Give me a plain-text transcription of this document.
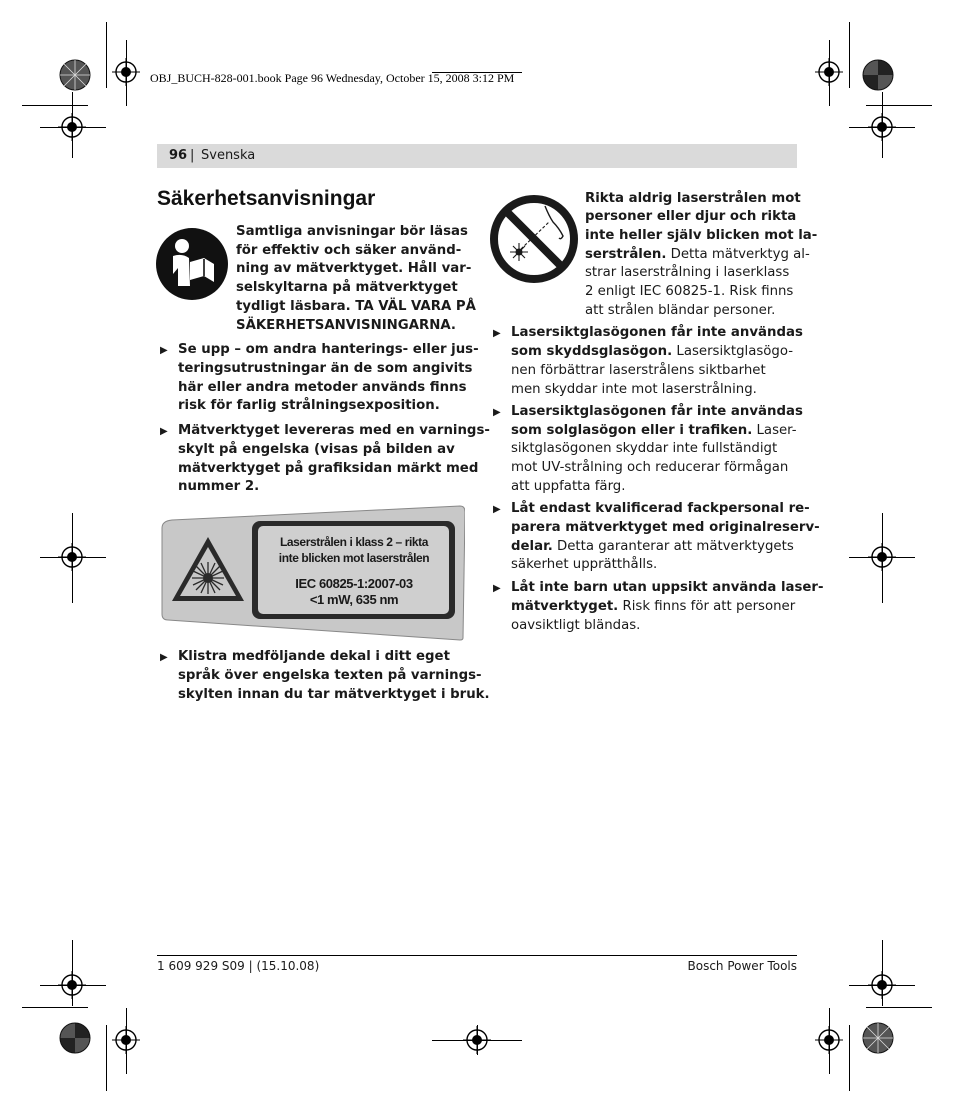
OBJ_BUCH-828-001.book Page 96 Wednesday, October 15, 2008 3:12 PM
96 | Svenska
Säkerhetsanvisningar
Samtliga anvisningar bör läsas
för effektiv och säker använd-
ning av mätverktyget. Håll var-
selskyltarna på mätverktyget
tydligt läsbara. TA VÄL VARA PÅ
SÄKERHETSANVISNINGARNA.
▶ Se upp – om andra hanterings- eller jus-
teringsutrustningar än de som angivits
här eller andra metoder används finns
risk för farlig strålningsexposition.
▶ Mätverktyget levereras med en varnings-
skylt på engelska (visas på bilden av
mätverktyget på grafiksidan märkt med
nummer 2.
Laserstrålen i klass 2 – rikta
inte blicken mot laserstrålen
IEC 60825-1:2007-03
<1 mW, 635 nm
▶ Klistra medföljande dekal i ditt eget
språk över engelska texten på varnings-
skylten innan du tar mätverktyget i bruk.
Rikta aldrig laserstrålen mot
personer eller djur och rikta
inte heller själv blicken mot la-
serstrålen. Detta mätverktyg al-
strar laserstrålning i laserklass
2 enligt IEC 60825-1. Risk finns
att strålen bländar personer.
▶ Lasersiktglasögonen får inte användas
som skyddsglasögon. Lasersiktglasögo-
nen förbättrar laserstrålens siktbarhet
men skyddar inte mot laserstrålning.
▶ Lasersiktglasögonen får inte användas
som solglasögon eller i trafiken. Laser-
siktglasögonen skyddar inte fullständigt
mot UV-strålning och reducerar förmågan
att uppfatta färg.
▶ Låt endast kvalificerad fackpersonal re-
parera mätverktyget med originalreserv-
delar. Detta garanterar att mätverktygets
säkerhet upprätthålls.
▶ Låt inte barn utan uppsikt använda laser-
mätverktyget. Risk finns för att personer
oavsiktligt bländas.
1 609 929 S09 | (15.10.08)	Bosch Power Tools
